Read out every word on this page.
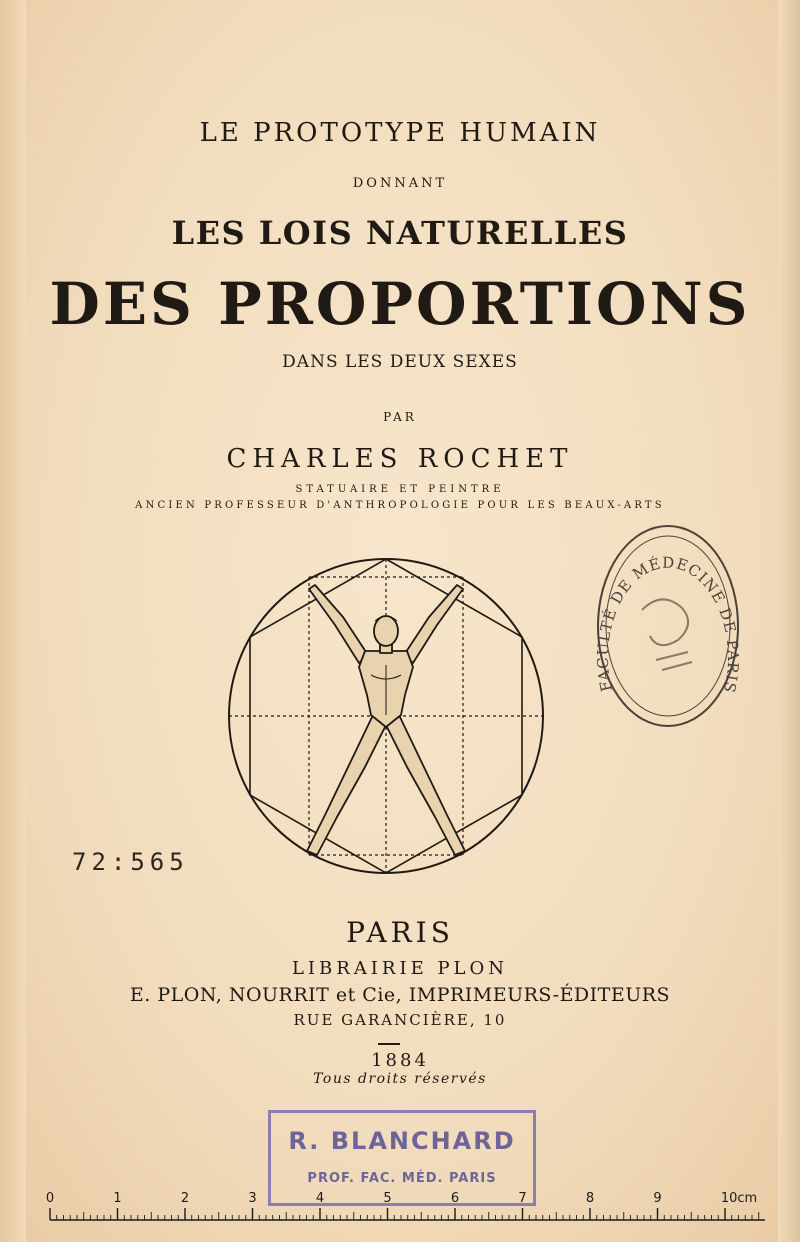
LE PROTOTYPE HUMAIN
DONNANT
LES LOIS NATURELLES
DES PROPORTIONS
DANS LES DEUX SEXES
PAR
CHARLES ROCHET
STATUAIRE ET PEINTRE
ANCIEN PROFESSEUR D'ANTHROPOLOGIE POUR LES BEAUX-ARTS
FACULTÉ DE MÉDECINE DE PARIS
72:565
PARIS
LIBRAIRIE PLON
E. PLON, NOURRIT et Cie, IMPRIMEURS-ÉDITEURS
RUE GARANCIÈRE, 10
1884
Tous droits réservés
R. BLANCHARD
PROF. FAC. MÉD. PARIS
0	1	2	3	4	5	6	7	8	9	10cm
